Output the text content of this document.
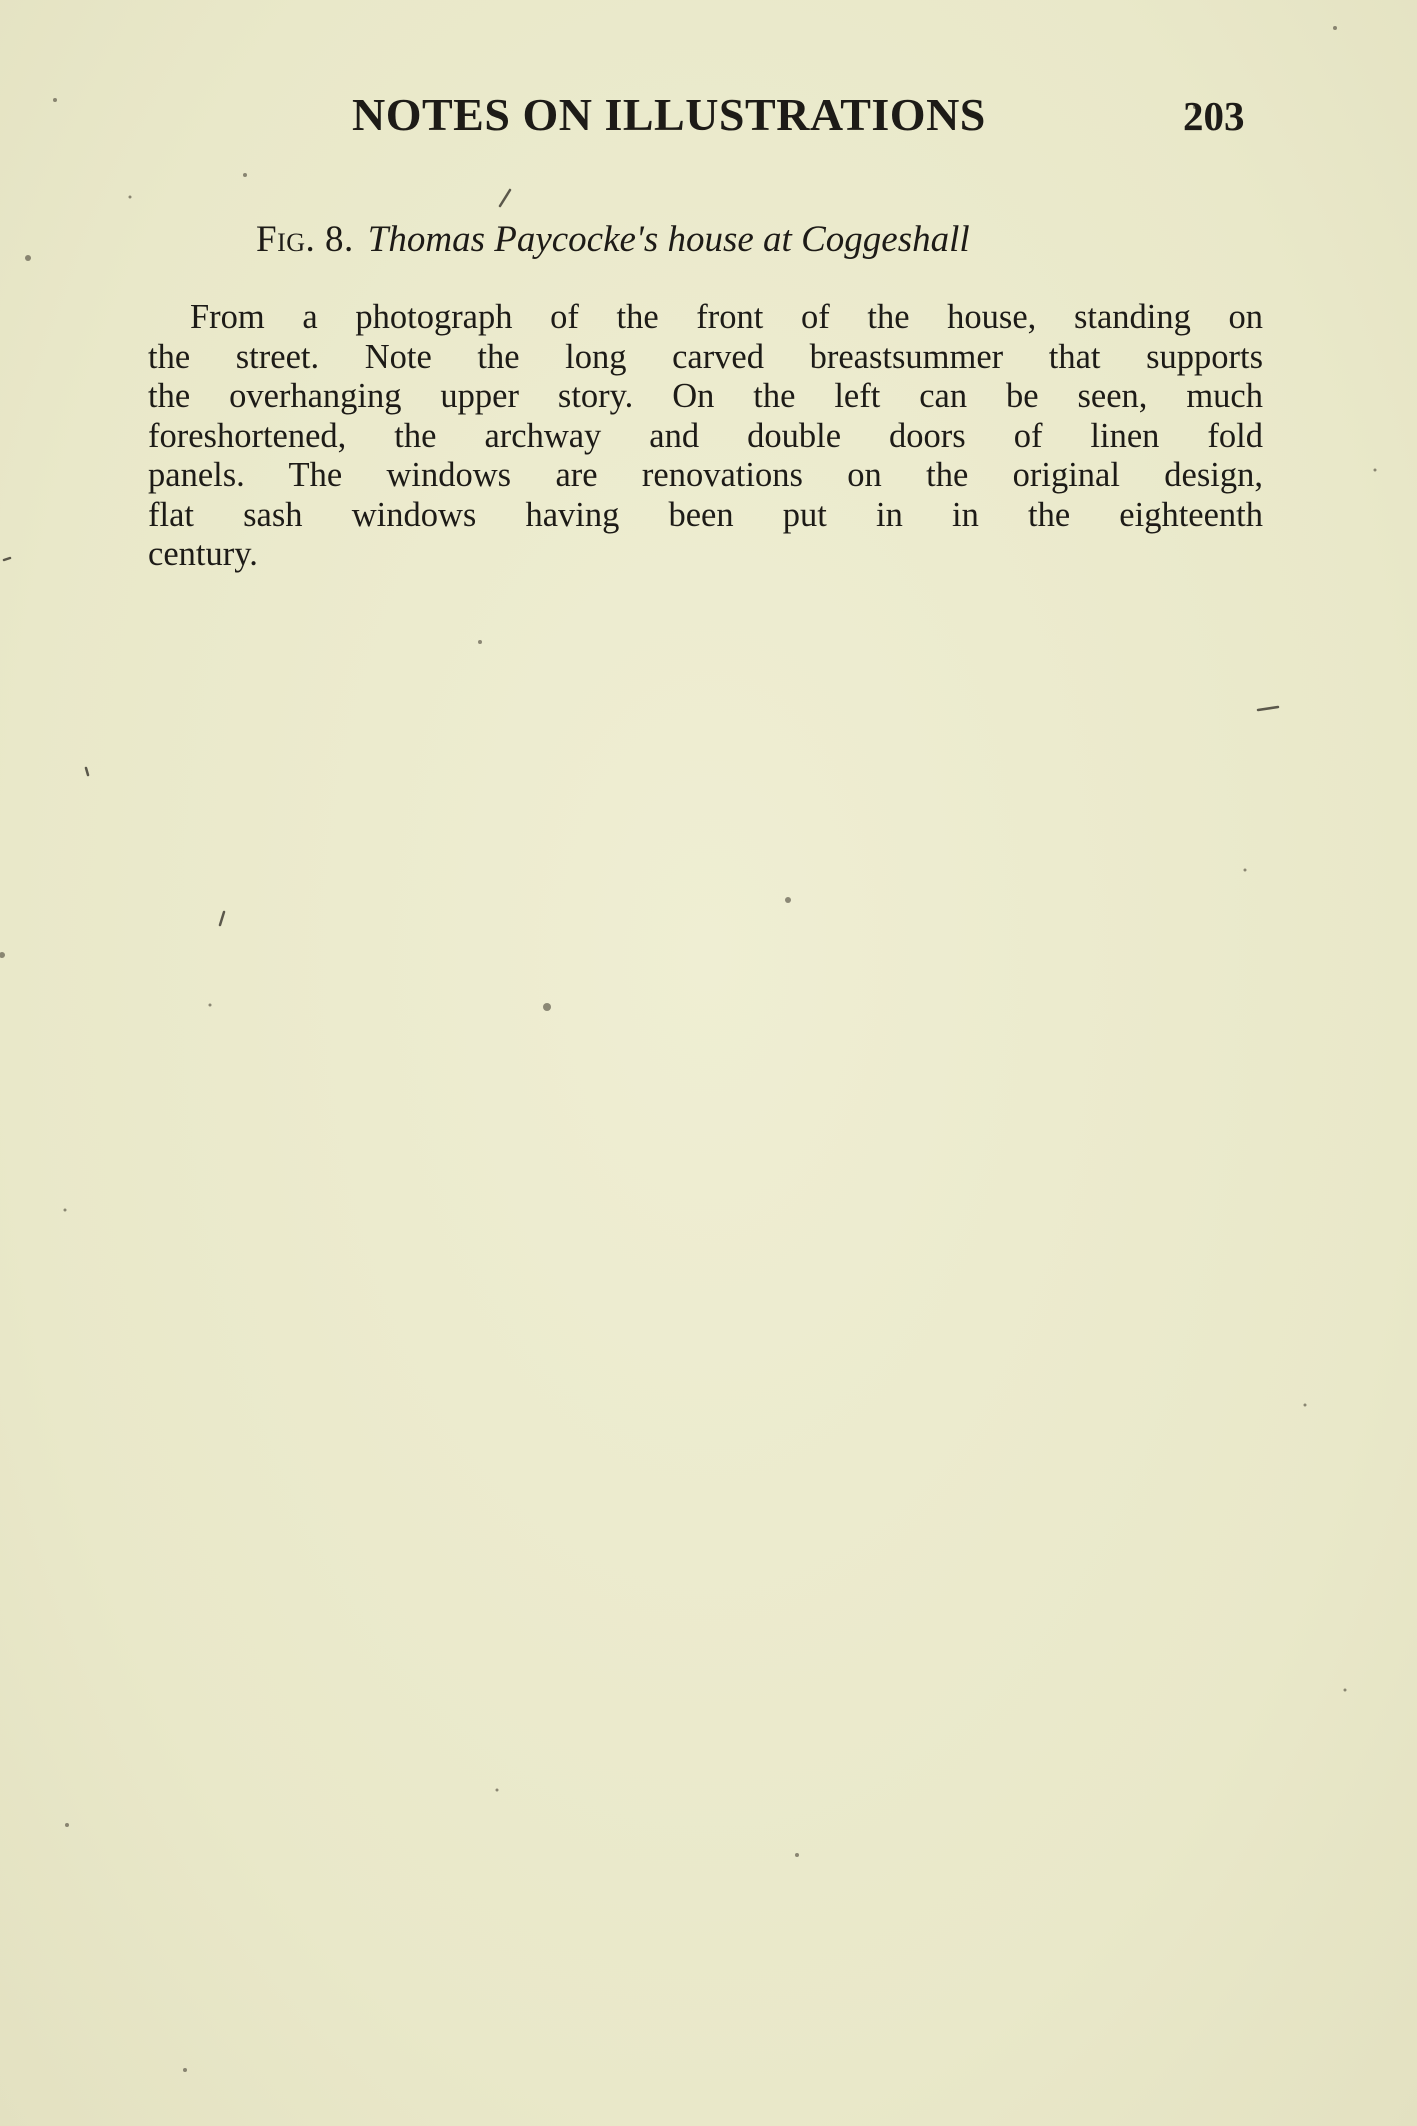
NOTES ON ILLUSTRATIONS	203
Fig. 8. Thomas Paycocke's house at Coggeshall
From a photograph of the front of the house, standing on
the street. Note the long carved breastsummer that supports
the overhanging upper story. On the left can be seen, much
foreshortened, the archway and double doors of linen fold
panels. The windows are renovations on the original design,
flat sash windows having been put in in the eighteenth
century.
